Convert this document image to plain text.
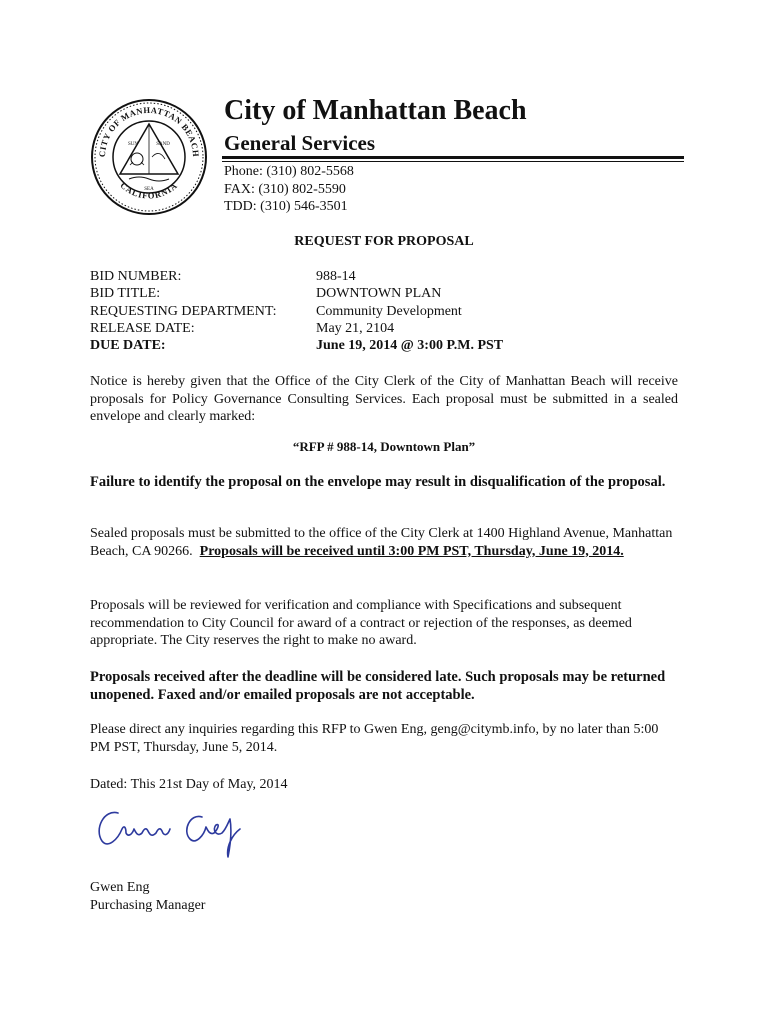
CITY OF MANHATTAN BEACH
CALIFORNIA
SUN	SAND
SEA
City of Manhattan Beach
General Services
Phone: (310) 802-5568
FAX: (310) 802-5590
TDD: (310) 546-3501
REQUEST FOR PROPOSAL
BID NUMBER:	988-14
BID TITLE:	DOWNTOWN PLAN
REQUESTING DEPARTMENT:	Community Development
RELEASE DATE:	May 21, 2104
DUE DATE:	June 19, 2014 @ 3:00 P.M. PST
Notice is hereby given that the Office of the City Clerk of the City of Manhattan Beach will receive proposals for Policy Governance Consulting Services. Each proposal must be submitted in a sealed envelope and clearly marked:
“RFP # 988-14, Downtown Plan”
Failure to identify the proposal on the envelope may result in disqualification of the proposal.
Sealed proposals must be submitted to the office of the City Clerk at 1400 Highland Avenue, Manhattan Beach, CA 90266. Proposals will be received until 3:00 PM PST, Thursday, June 19, 2014.
Proposals will be reviewed for verification and compliance with Specifications and subsequent recommendation to City Council for award of a contract or rejection of the responses, as deemed appropriate. The City reserves the right to make no award.
Proposals received after the deadline will be considered late. Such proposals may be returned unopened. Faxed and/or emailed proposals are not acceptable.
Please direct any inquiries regarding this RFP to Gwen Eng, geng@citymb.info, by no later than 5:00 PM PST, Thursday, June 5, 2014.
Dated: This 21st Day of May, 2014
Gwen Eng
Purchasing Manager
